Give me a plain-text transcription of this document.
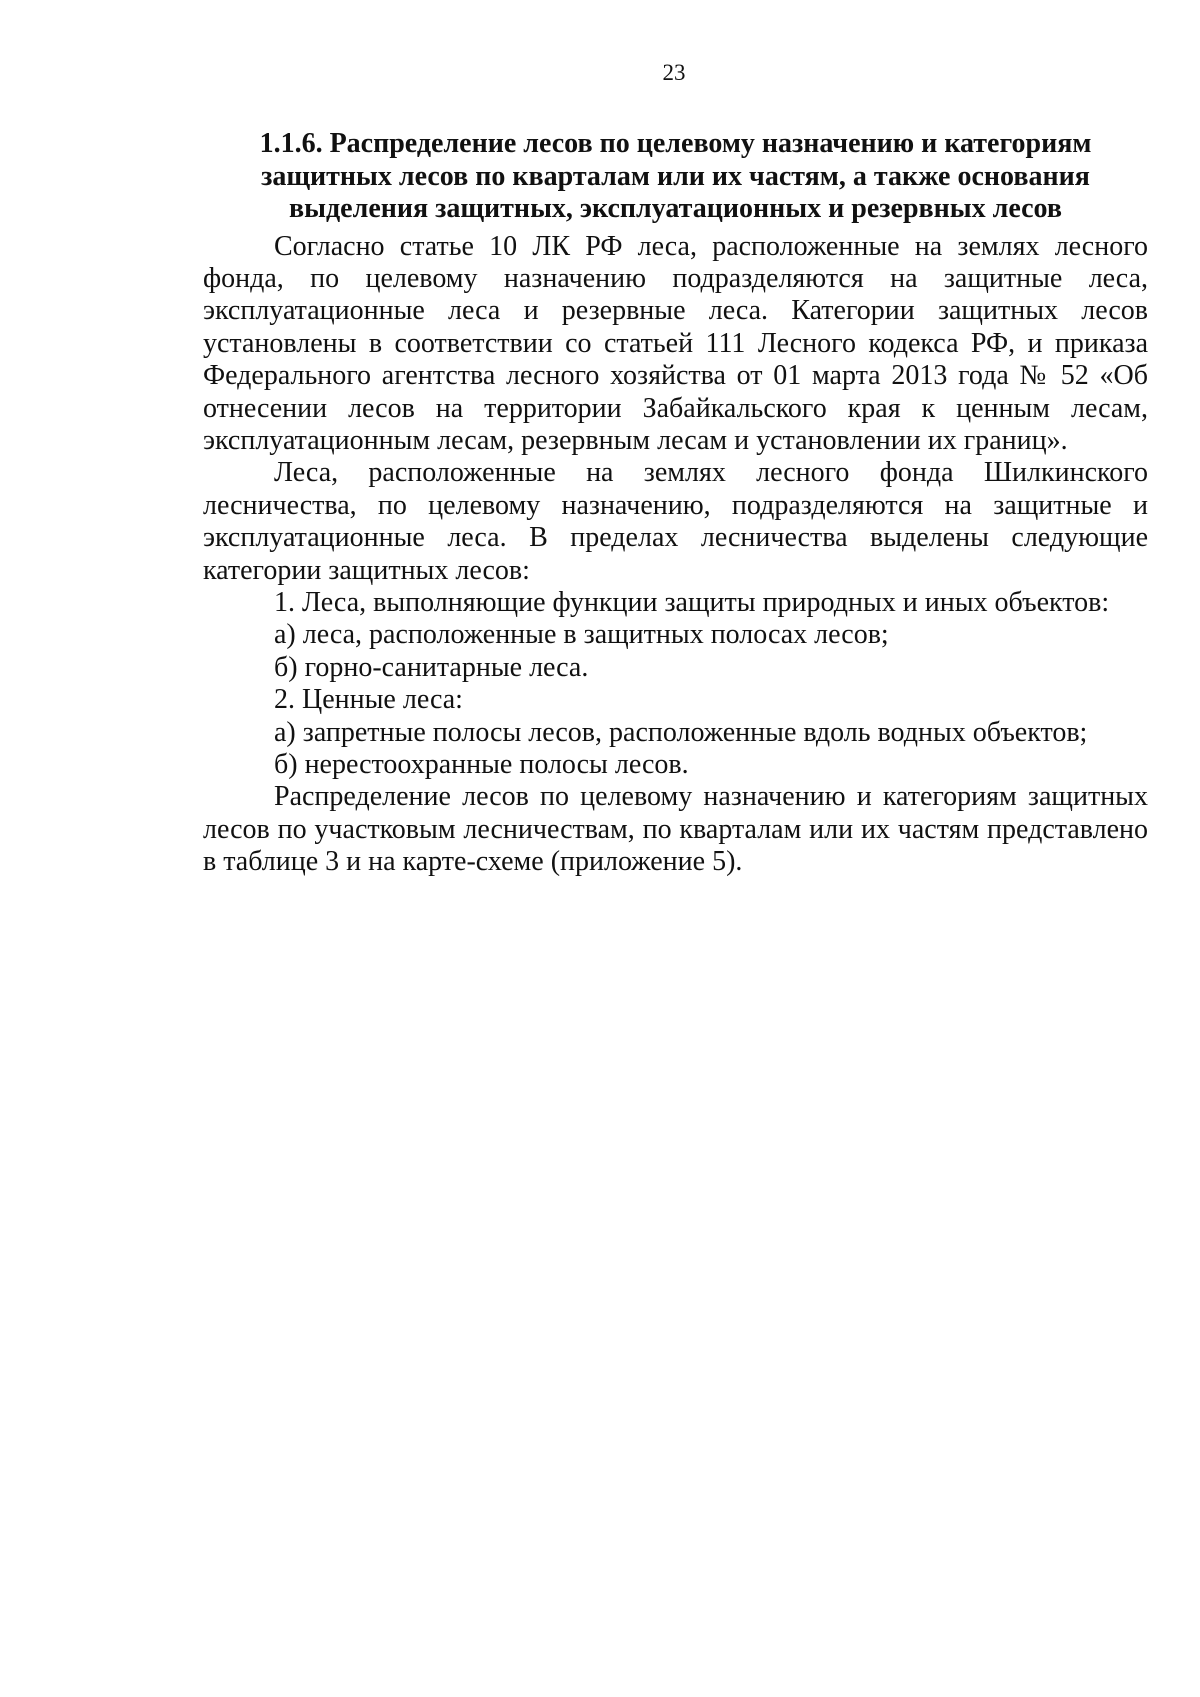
23
1.1.6. Распределение лесов по целевому назначению и категориям
защитных лесов по кварталам или их частям, а также основания
выделения защитных, эксплуатационных и резервных лесов

Согласно статье 10 ЛК РФ леса, расположенные на землях лесного фонда, по целевому назначению подразделяются на защитные леса, эксплуатационные леса и резервные леса. Категории защитных лесов установлены в соответствии со статьей 111 Лесного кодекса РФ, и приказа Федерального агентства лесного хозяйства от 01 марта 2013 года № 52 «Об отнесении лесов на территории Забайкальского края к ценным лесам, эксплуатационным лесам, резервным лесам и установлении их границ».

Леса, расположенные на землях лесного фонда Шилкинского лесничества, по целевому назначению, подразделяются на защитные и эксплуатационные леса. В пределах лесничества выделены следующие категории защитных лесов:

1. Леса, выполняющие функции защиты природных и иных объектов:

а) леса, расположенные в защитных полосах лесов;

б) горно-санитарные леса.

2. Ценные леса:

а) запретные полосы лесов, расположенные вдоль водных объектов;

б) нерестоохранные полосы лесов.

Распределение лесов по целевому назначению и категориям защитных лесов по участковым лесничествам, по кварталам или их частям представлено в таблице 3 и на карте-схеме (приложение 5).
